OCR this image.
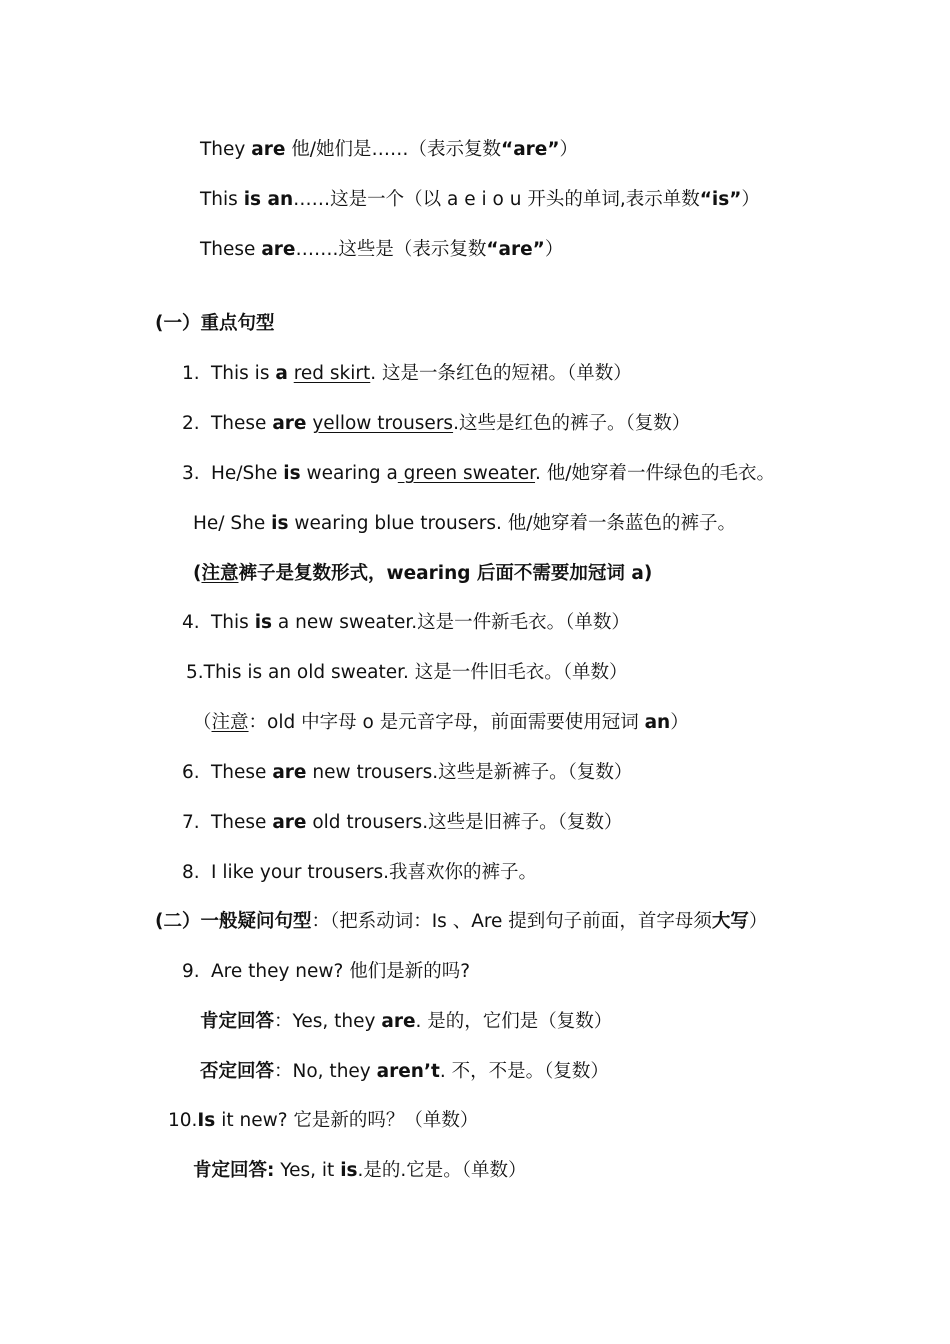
They are 他/她们是……（表示复数“are”）
This is an……这是一个（以 a e i o u 开头的单词,表示单数“is”）
These are…….这些是（表示复数“are”）
(一）重点句型
1. This is a red skirt. 这是一条红色的短裙。（单数）
2. These are yellow trousers.这些是红色的裤子。（复数）
3. He/She is wearing a green sweater. 他/她穿着一件绿色的毛衣。
He/ She is wearing blue trousers. 他/她穿着一条蓝色的裤子。
(注意裤子是复数形式，wearing 后面不需要加冠词 a)
4. This is a new sweater.这是一件新毛衣。（单数）
5.This is an old sweater. 这是一件旧毛衣。（单数）
（注意：old 中字母 o 是元音字母，前面需要使用冠词 an）
6. These are new trousers.这些是新裤子。（复数）
7. These are old trousers.这些是旧裤子。（复数）
8. I like your trousers.我喜欢你的裤子。
(二）一般疑问句型：（把系动词：Is 、Are 提到句子前面，首字母须大写）
9. Are they new? 他们是新的吗?
肯定回答：Yes, they are. 是的，它们是（复数）
否定回答：No, they aren’t. 不，不是。（复数）
10.Is it new? 它是新的吗？（单数）
肯定回答: Yes, it is.是的.它是。（单数）
